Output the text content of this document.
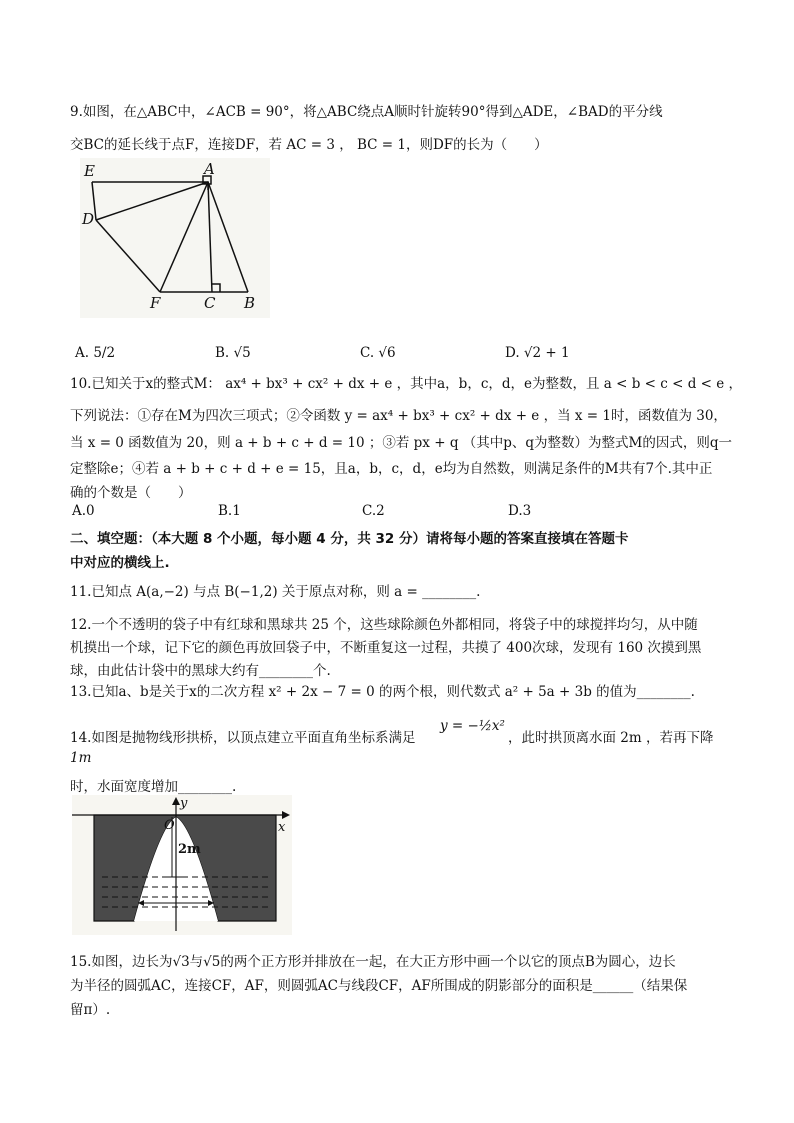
9.如图，在△ABC中，∠ACB = 90°，将△ABC绕点A顺时针旋转90°得到△ADE，∠BAD的平分线
交BC的延长线于点F，连接DF，若 AC = 3 ， BC = 1，则DF的长为（　　）
E	A
D
F	C B
A. 5/2	B. √5	C. √6	D. √2 + 1
10.已知关于x的整式M： ax⁴ + bx³ + cx² + dx + e ，其中a，b，c，d，e为整数，且 a < b < c < d < e ，
下列说法：①存在M为四次三项式；②令函数 y = ax⁴ + bx³ + cx² + dx + e ，当 x = 1时，函数值为 30，
当 x = 0 函数值为 20，则 a + b + c + d = 10 ；③若 px + q （其中p、q为整数）为整式M的因式，则q一
定整除e；④若 a + b + c + d + e = 15，且a，b，c，d，e均为自然数，则满足条件的M共有7个.其中正
确的个数是（　　）
A.0	B.1	C.2	D.3
二、填空题：（本大题 8 个小题，每小题 4 分，共 32 分）请将每小题的答案直接填在答题卡
中对应的横线上.
11.已知点 A(a,−2) 与点 B(−1,2) 关于原点对称，则 a = ________.
12.一个不透明的袋子中有红球和黑球共 25 个，这些球除颜色外都相同，将袋子中的球搅拌均匀，从中随
机摸出一个球，记下它的颜色再放回袋子中，不断重复这一过程，共摸了 400次球，发现有 160 次摸到黑
球，由此估计袋中的黑球大约有________个.
13.已知a、b是关于x的二次方程 x² + 2x − 7 = 0 的两个根，则代数式 a² + 5a + 3b 的值为________.
14.如图是抛物线形拱桥，以顶点建立平面直角坐标系满足
y = −½x²
，此时拱顶离水面 2m ，若再下降
1m
时，水面宽度增加________.
y
x
O
2m
15.如图，边长为√3与√5的两个正方形并排放在一起，在大正方形中画一个以它的顶点B为圆心，边长
为半径的圆弧AC，连接CF，AF，则圆弧AC与线段CF，AF所围成的阴影部分的面积是______（结果保
留π）.
